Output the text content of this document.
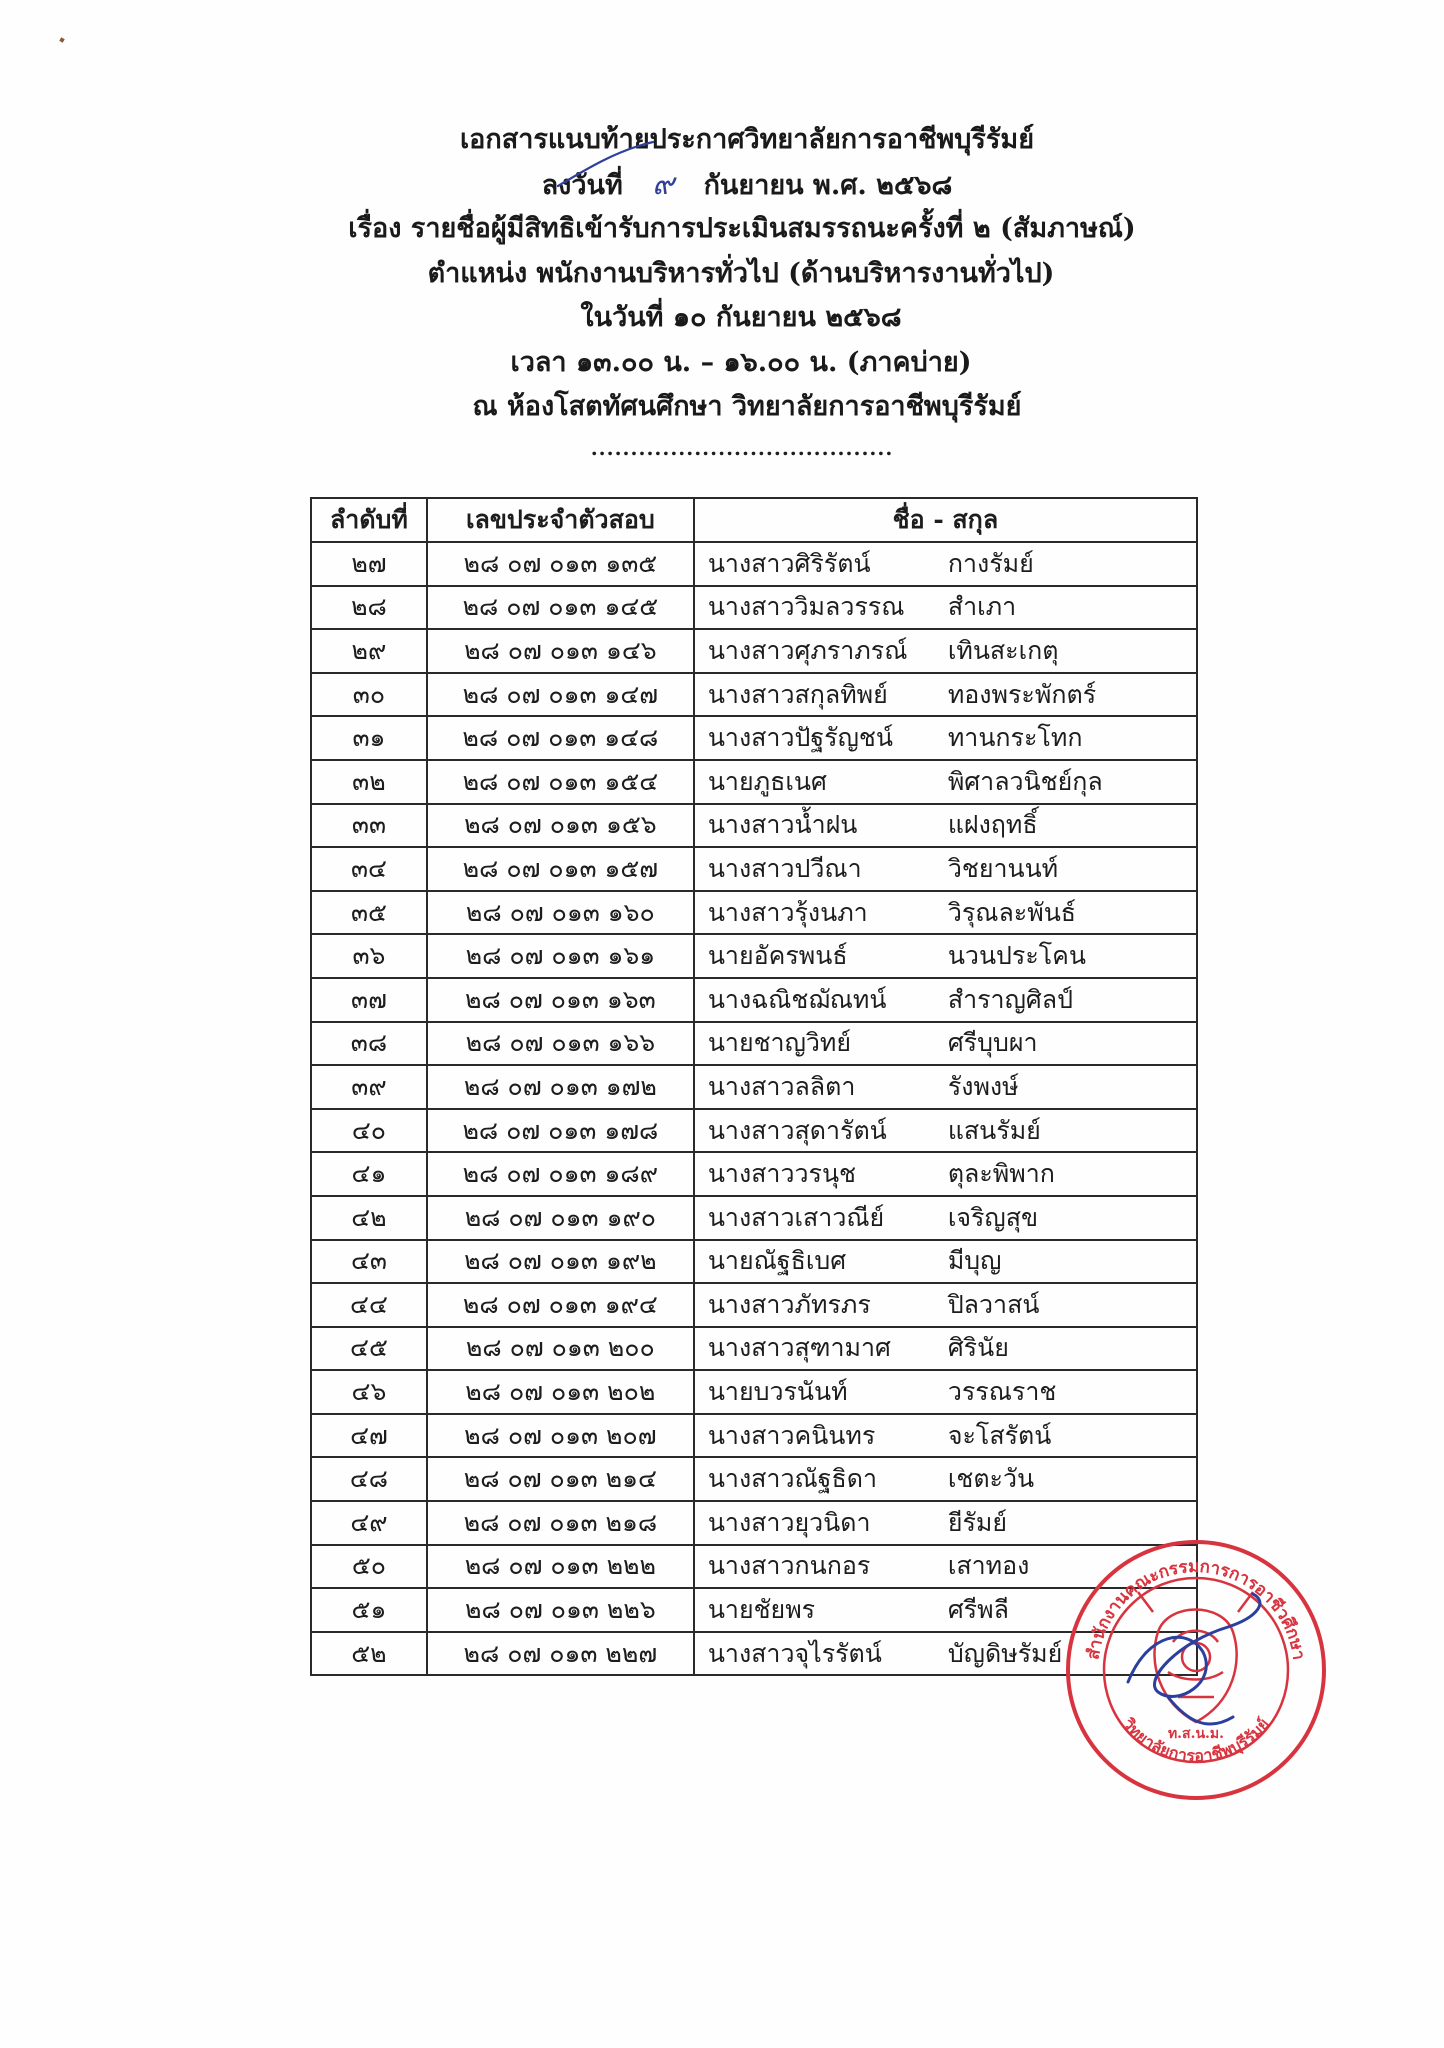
เอกสารแนบท้ายประกาศวิทยาลัยการอาชีพบุรีรัมย์
ลงวันที่ ๙ กันยายน พ.ศ. ๒๕๖๘
เรื่อง รายชื่อผู้มีสิทธิเข้ารับการประเมินสมรรถนะครั้งที่ ๒ (สัมภาษณ์)
ตำแหน่ง พนักงานบริหารทั่วไป (ด้านบริหารงานทั่วไป)
ในวันที่ ๑๐ กันยายน ๒๕๖๘
เวลา ๑๓.๐๐ น. – ๑๖.๐๐ น. (ภาคบ่าย)
ณ ห้องโสตทัศนศึกษา วิทยาลัยการอาชีพบุรีรัมย์
......................................
ลำดับที่	เลขประจำตัวสอบ	ชื่อ - สกุล
๒๗	๒๘ ๐๗ ๐๑๓ ๑๓๕	นางสาวศิริรัตน์ กางรัมย์
๒๘	๒๘ ๐๗ ๐๑๓ ๑๔๕	นางสาววิมลวรรณ สำเภา
๒๙	๒๘ ๐๗ ๐๑๓ ๑๔๖	นางสาวศุภราภรณ์ เทินสะเกตุ
๓๐	๒๘ ๐๗ ๐๑๓ ๑๔๗	นางสาวสกุลทิพย์ ทองพระพักตร์
๓๑	๒๘ ๐๗ ๐๑๓ ๑๔๘	นางสาวปัฐรัญชน์ ทานกระโทก
๓๒	๒๘ ๐๗ ๐๑๓ ๑๕๔	นายภูธเนศ พิศาลวนิชย์กุล
๓๓	๒๘ ๐๗ ๐๑๓ ๑๕๖	นางสาวน้ำฝน แฝงฤทธิ์
๓๔	๒๘ ๐๗ ๐๑๓ ๑๕๗	นางสาวปวีณา วิชยานนท์
๓๕	๒๘ ๐๗ ๐๑๓ ๑๖๐	นางสาวรุ้งนภา วิรุณละพันธ์
๓๖	๒๘ ๐๗ ๐๑๓ ๑๖๑	นายอัครพนธ์ นวนประโคน
๓๗	๒๘ ๐๗ ๐๑๓ ๑๖๓	นางฉณิชฌัณทน์ สำราญศิลป์
๓๘	๒๘ ๐๗ ๐๑๓ ๑๖๖	นายชาญวิทย์ ศรีบุบผา
๓๙	๒๘ ๐๗ ๐๑๓ ๑๗๒	นางสาวลลิตา รังพงษ์
๔๐	๒๘ ๐๗ ๐๑๓ ๑๗๘	นางสาวสุดารัตน์ แสนรัมย์
๔๑	๒๘ ๐๗ ๐๑๓ ๑๘๙	นางสาววรนุช ตุละพิพาก
๔๒	๒๘ ๐๗ ๐๑๓ ๑๙๐	นางสาวเสาวณีย์ เจริญสุข
๔๓	๒๘ ๐๗ ๐๑๓ ๑๙๒	นายณัฐธิเบศ มีบุญ
๔๔	๒๘ ๐๗ ๐๑๓ ๑๙๔	นางสาวภัทรภร ปิลวาสน์
๔๕	๒๘ ๐๗ ๐๑๓ ๒๐๐	นางสาวสุฑามาศ ศิรินัย
๔๖	๒๘ ๐๗ ๐๑๓ ๒๐๒	นายบวรนันท์ วรรณราช
๔๗	๒๘ ๐๗ ๐๑๓ ๒๐๗	นางสาวคนินทร จะโสรัตน์
๔๘	๒๘ ๐๗ ๐๑๓ ๒๑๔	นางสาวณัฐธิดา เชตะวัน
๔๙	๒๘ ๐๗ ๐๑๓ ๒๑๘	นางสาวยุวนิดา ยีรัมย์
๕๐	๒๘ ๐๗ ๐๑๓ ๒๒๒	นางสาวกนกอร เสาทอง
๕๑	๒๘ ๐๗ ๐๑๓ ๒๒๖	นายชัยพร ศรีพลี
๕๒	๒๘ ๐๗ ๐๑๓ ๒๒๗	นางสาวจุไรรัตน์ บัญดิษรัมย์ สำนักงานคณะกรรมการการอาชีวศึกษา
วิทยาลัยการอาชีพบุรีรัมย์
ท.ส.น.ม.
